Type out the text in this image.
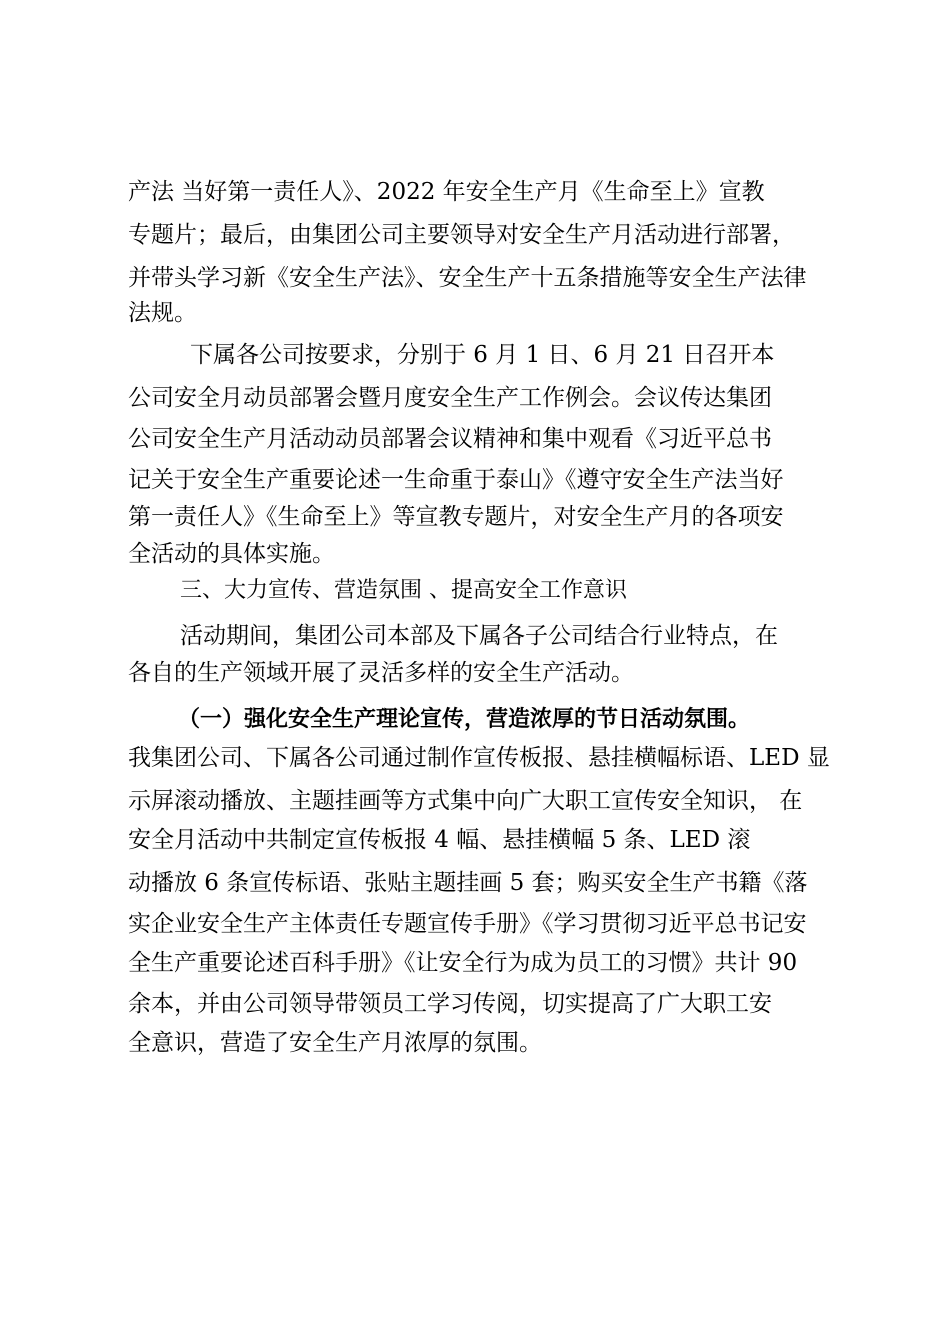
产法 当好第一责任人》、2022 年安全生产月《生命至上》宣教
专题片；最后，由集团公司主要领导对安全生产月活动进行部署，
并带头学习新《安全生产法》、安全生产十五条措施等安全生产法律
法规。
下属各公司按要求，分别于 6 月 1 日、6 月 21 日召开本
公司安全月动员部署会暨月度安全生产工作例会。会议传达集团
公司安全生产月活动动员部署会议精神和集中观看《习近平总书
记关于安全生产重要论述一生命重于泰山》《遵守安全生产法当好
第一责任人》《生命至上》等宣教专题片，对安全生产月的各项安
全活动的具体实施。
三、大力宣传、营造氛围 、提高安全工作意识
活动期间，集团公司本部及下属各子公司结合行业特点，在
各自的生产领域开展了灵活多样的安全生产活动。
（一）强化安全生产理论宣传，营造浓厚的节日活动氛围。
我集团公司、下属各公司通过制作宣传板报、悬挂横幅标语、LED 显
示屏滚动播放、主题挂画等方式集中向广大职工宣传安全知识， 在
安全月活动中共制定宣传板报 4 幅、悬挂横幅 5 条、LED 滚
动播放 6 条宣传标语、张贴主题挂画 5 套；购买安全生产书籍《落
实企业安全生产主体责任专题宣传手册》《学习贯彻习近平总书记安
全生产重要论述百科手册》《让安全行为成为员工的习惯》共计 90
余本，并由公司领导带领员工学习传阅，切实提高了广大职工安
全意识，营造了安全生产月浓厚的氛围。
